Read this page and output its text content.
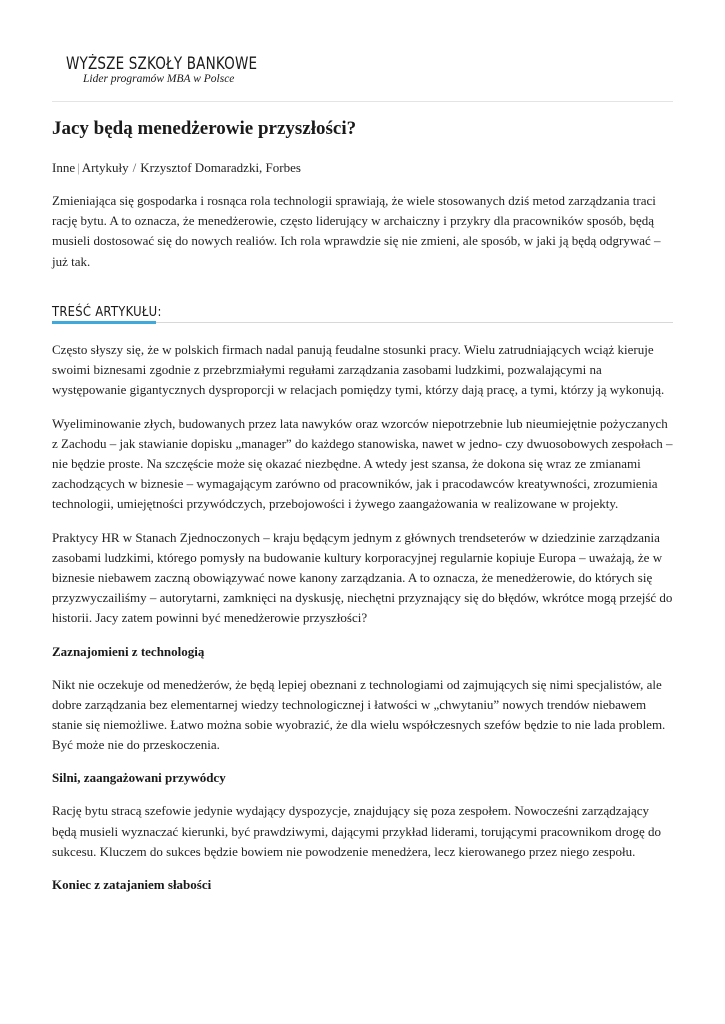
WYŻSZE SZKOŁY BANKOWE
Lider programów MBA w Polsce
Jacy będą menedżerowie przyszłości?
Inne | Artykuły / Krzysztof Domaradzki, Forbes
Zmieniająca się gospodarka i rosnąca rola technologii sprawiają, że wiele stosowanych dziś metod zarządzania traci rację bytu. A to oznacza, że menedżerowie, często liderujący w archaiczny i przykry dla pracowników sposób, będą musieli dostosować się do nowych realiów. Ich rola wprawdzie się nie zmieni, ale sposób, w jaki ją będą odgrywać – już tak.
TREŚĆ ARTYKUŁU:

Często słyszy się, że w polskich firmach nadal panują feudalne stosunki pracy. Wielu zatrudniających wciąż kieruje swoimi biznesami zgodnie z przebrzmiałymi regułami zarządzania zasobami ludzkimi, pozwalającymi na występowanie gigantycznych dysproporcji w relacjach pomiędzy tymi, którzy dają pracę, a tymi, którzy ją wykonują.

Wyeliminowanie złych, budowanych przez lata nawyków oraz wzorców niepotrzebnie lub nieumiejętnie pożyczanych z Zachodu – jak stawianie dopisku „manager” do każdego stanowiska, nawet w jedno- czy dwuosobowych zespołach – nie będzie proste. Na szczęście może się okazać niezbędne. A wtedy jest szansa, że dokona się wraz ze zmianami zachodzących w biznesie – wymagającym zarówno od pracowników, jak i pracodawców kreatywności, zrozumienia technologii, umiejętności przywódczych, przebojowości i żywego zaangażowania w realizowane w projekty.

Praktycy HR w Stanach Zjednoczonych – kraju będącym jednym z głównych trendseterów w dziedzinie zarządzania zasobami ludzkimi, którego pomysły na budowanie kultury korporacyjnej regularnie kopiuje Europa – uważają, że w biznesie niebawem zaczną obowiązywać nowe kanony zarządzania. A to oznacza, że menedżerowie, do których się przyzwyczailiśmy – autorytarni, zamknięci na dyskusję, niechętni przyznający się do błędów, wkrótce mogą przejść do historii. Jacy zatem powinni być menedżerowie przyszłości?

Zaznajomieni z technologią

Nikt nie oczekuje od menedżerów, że będą lepiej obeznani z technologiami od zajmujących się nimi specjalistów, ale dobre zarządzania bez elementarnej wiedzy technologicznej i łatwości w „chwytaniu” nowych trendów niebawem stanie się niemożliwe. Łatwo można sobie wyobrazić, że dla wielu współczesnych szefów będzie to nie lada problem. Być może nie do przeskoczenia.

Silni, zaangażowani przywódcy

Rację bytu stracą szefowie jedynie wydający dyspozycje, znajdujący się poza zespołem. Nowocześni zarządzający będą musieli wyznaczać kierunki, być prawdziwymi, dającymi przykład liderami, torującymi pracownikom drogę do sukcesu. Kluczem do sukces będzie bowiem nie powodzenie menedżera, lecz kierowanego przez niego zespołu.

Koniec z zatajaniem słabości
